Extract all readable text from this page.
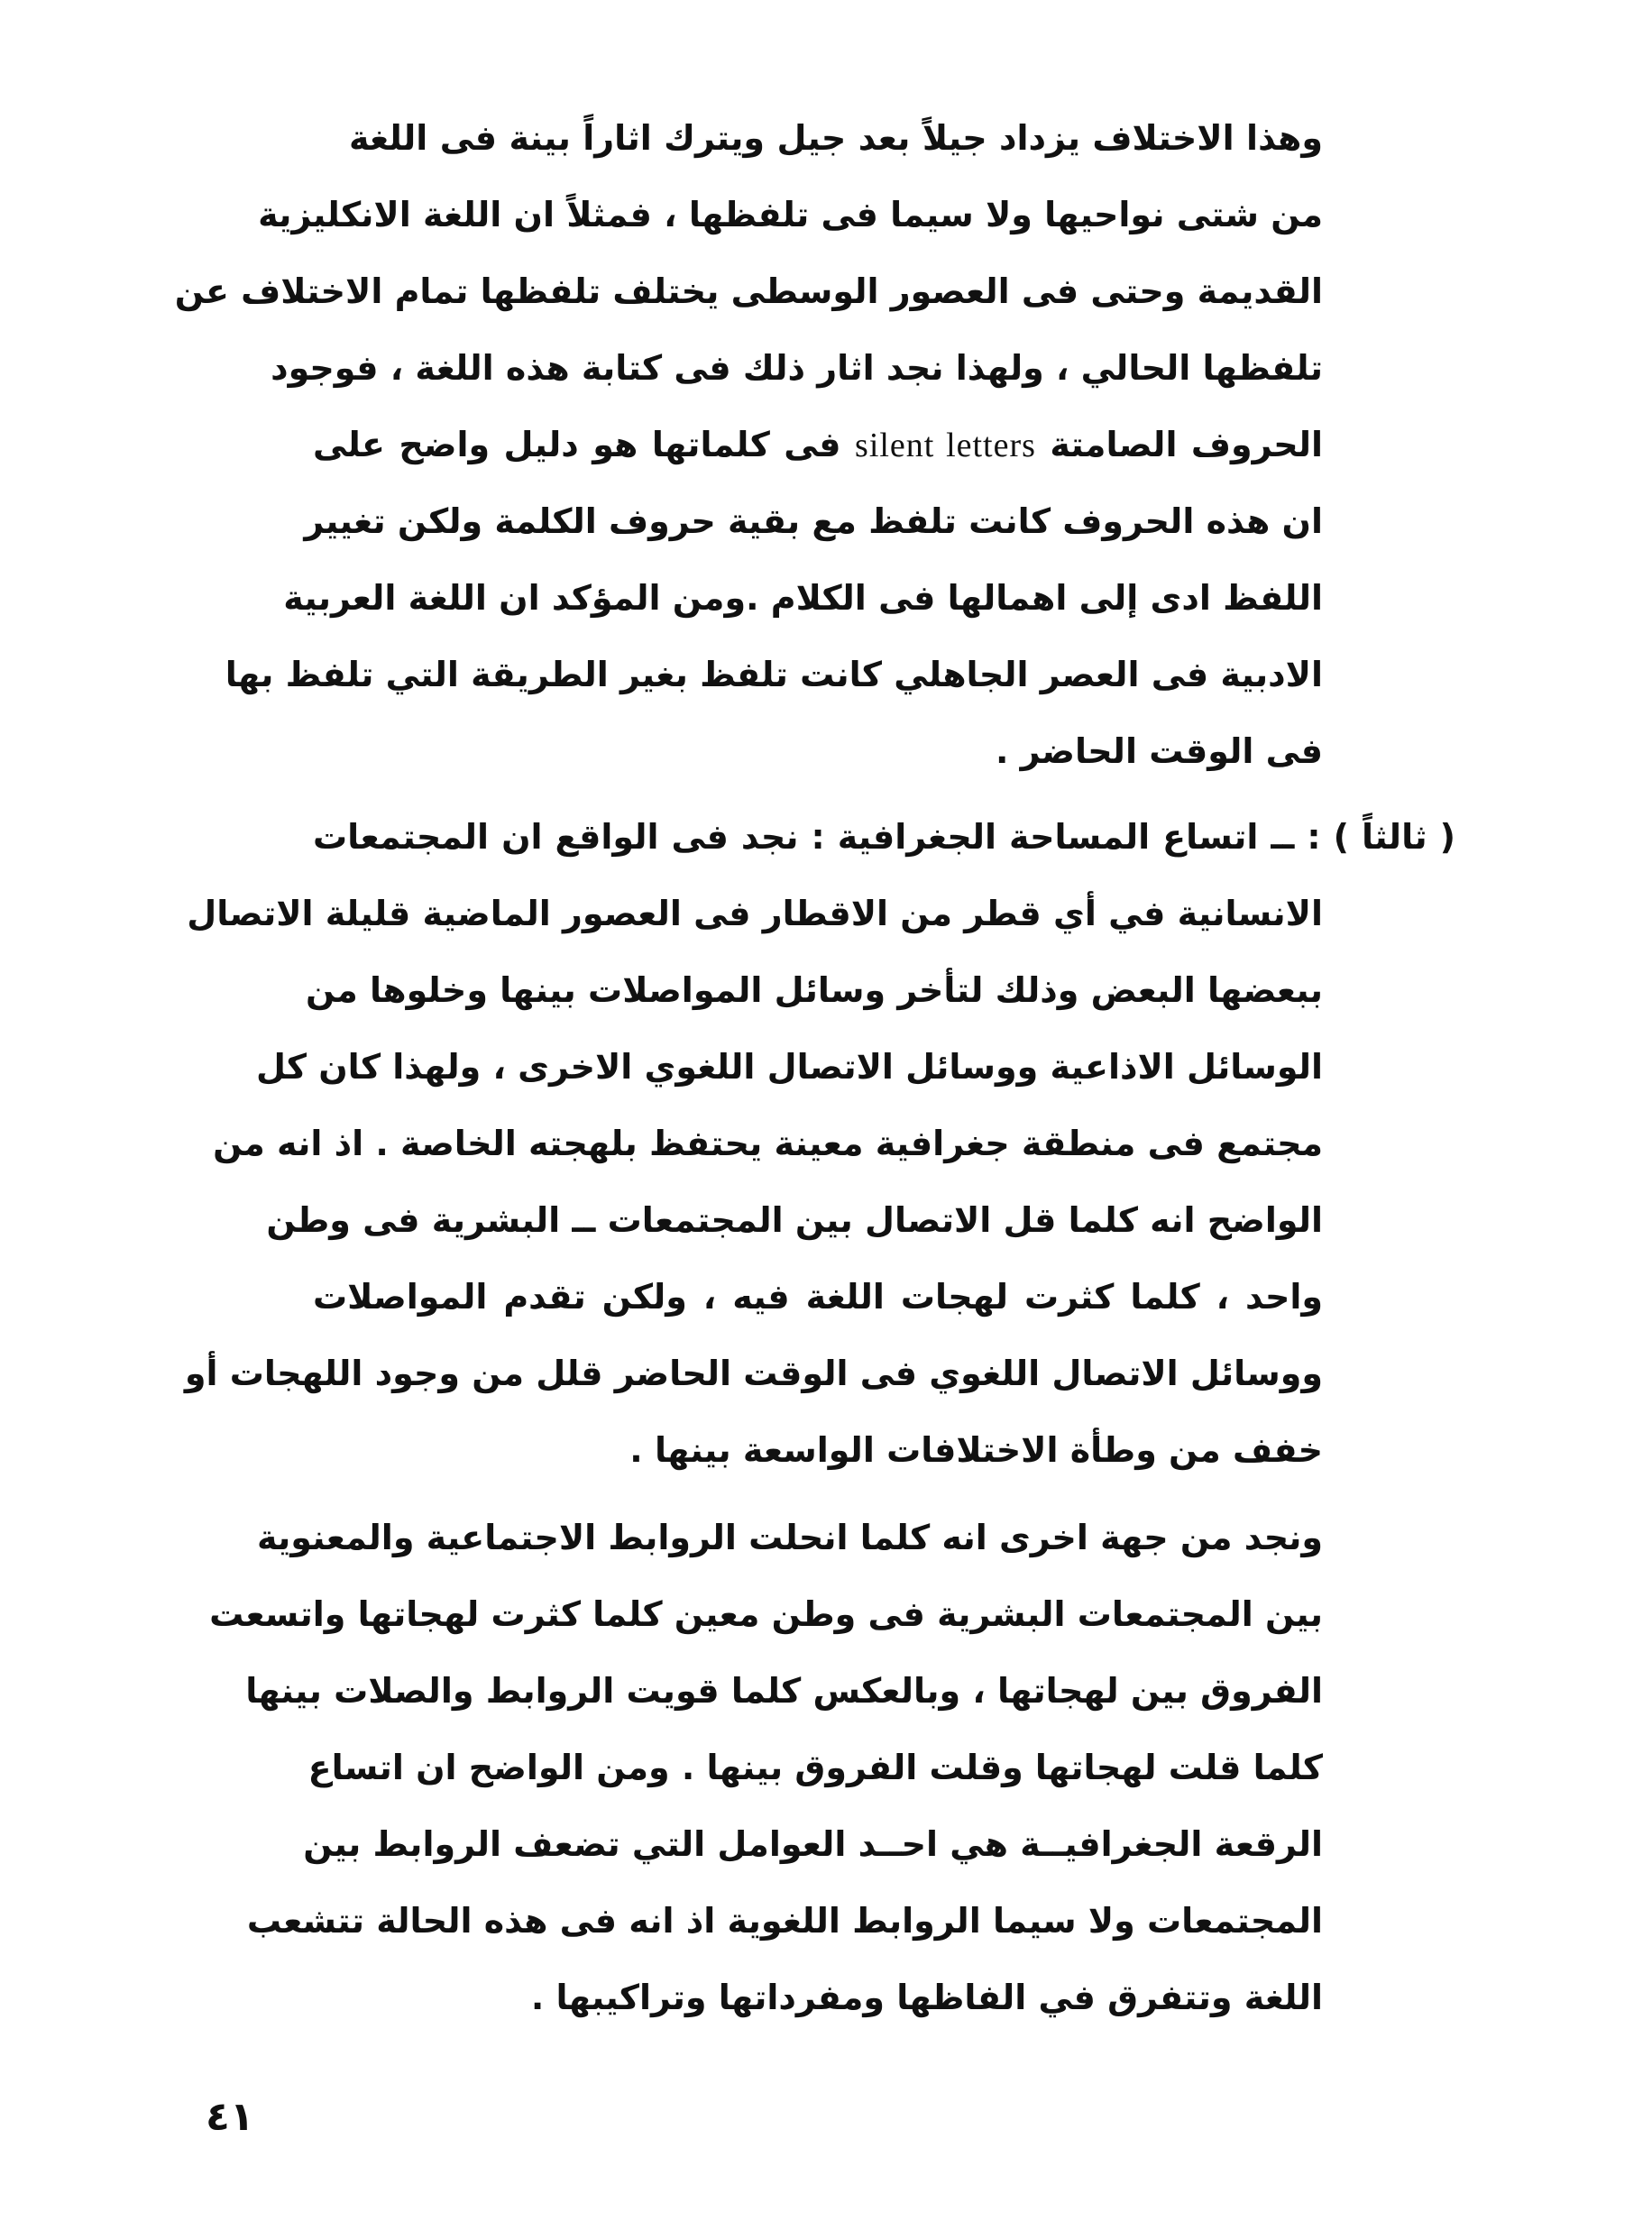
وهذا الاختلاف يزداد جيلاً بعد جيل ويترك اثاراً بينة فى اللغة
من شتى نواحيها ولا سيما فى تلفظها ، فمثلاً ان اللغة الانكليزية
القديمة وحتى فى العصور الوسطى يختلف تلفظها تمام الاختلاف عن
تلفظها الحالي ، ولهذا نجد اثار ذلك فى كتابة هذه اللغة ، فوجود
الحروف الصامتة silent letters فى كلماتها هو دليل واضح على
ان هذه الحروف كانت تلفظ مع بقية حروف الكلمة ولكن تغيير
اللفظ ادى إلى اهمالها فى الكلام .ومن المؤكد ان اللغة العربية
الادبية فى العصر الجاهلي كانت تلفظ بغير الطريقة التي تلفظ بها
فى الوقت الحاضر .
( ثالثاً ) : ــ اتساع المساحة الجغرافية : نجد فى الواقع ان المجتمعات
الانسانية في أي قطر من الاقطار فى العصور الماضية قليلة الاتصال
ببعضها البعض وذلك لتأخر وسائل المواصلات بينها وخلوها من
الوسائل الاذاعية ووسائل الاتصال اللغوي الاخرى ، ولهذا كان كل
مجتمع فى منطقة جغرافية معينة يحتفظ بلهجته الخاصة . اذ انه من
الواضح انه كلما قل الاتصال بين المجتمعات ــ البشرية فى وطن
واحد ، كلما كثرت لهجات اللغة فيه ، ولكن تقدم المواصلات
ووسائل الاتصال اللغوي فى الوقت الحاضر قلل من وجود اللهجات أو
خفف من وطأة الاختلافات الواسعة بينها .
ونجد من جهة اخرى انه كلما انحلت الروابط الاجتماعية والمعنوية
بين المجتمعات البشرية فى وطن معين كلما كثرت لهجاتها واتسعت
الفروق بين لهجاتها ، وبالعكس كلما قويت الروابط والصلات بينها
كلما قلت لهجاتها وقلت الفروق بينها . ومن الواضح ان اتساع
الرقعة الجغرافيــة هي احــد العوامل التي تضعف الروابط بين
المجتمعات ولا سيما الروابط اللغوية اذ انه فى هذه الحالة تتشعب
اللغة وتتفرق في الفاظها ومفرداتها وتراكيبها .
٤١
